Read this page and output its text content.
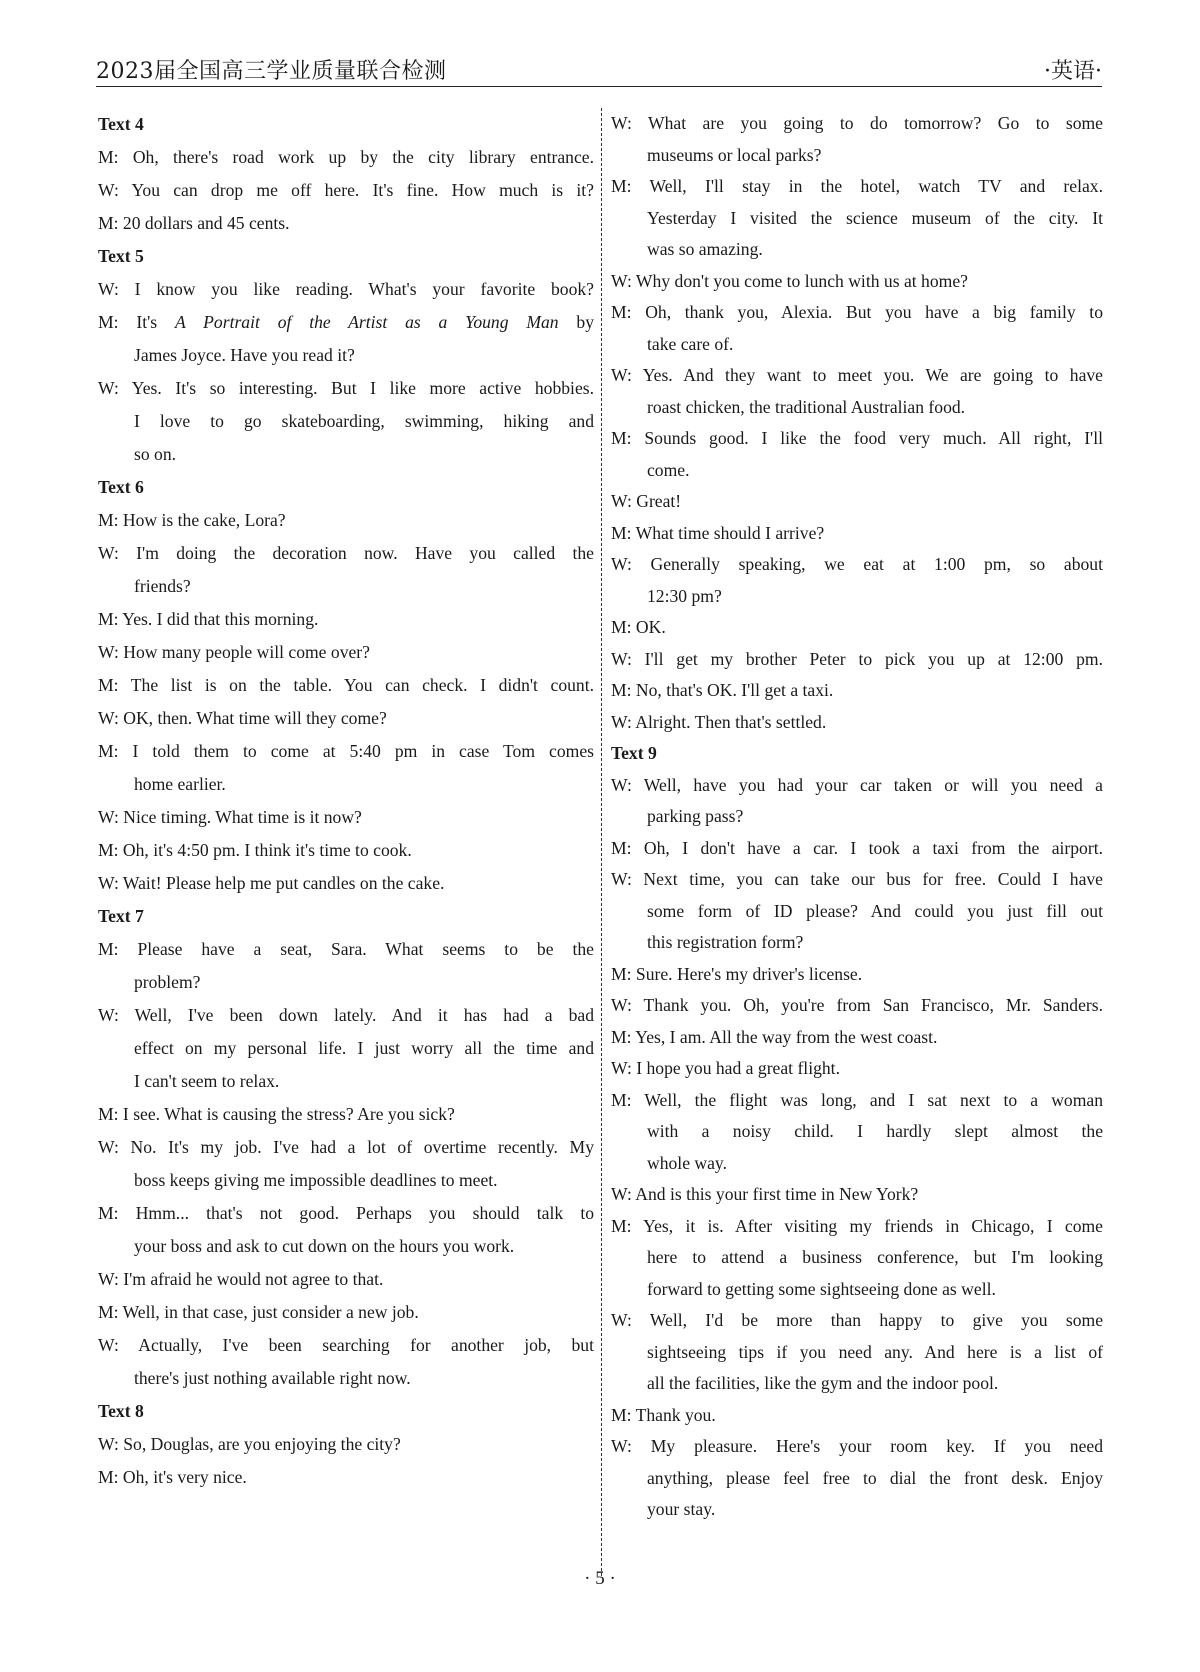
2023届全国高三学业质量联合检测	·英语·
Text 4
M: Oh, there's road work up by the city library entrance.
W: You can drop me off here. It's fine. How much is it?
M: 20 dollars and 45 cents.
Text 5
W: I know you like reading. What's your favorite book?
M: It's A Portrait of the Artist as a Young Man by
James Joyce. Have you read it?
W: Yes. It's so interesting. But I like more active hobbies.
I love to go skateboarding, swimming, hiking and
so on.
Text 6
M: How is the cake, Lora?
W: I'm doing the decoration now. Have you called the
friends?
M: Yes. I did that this morning.
W: How many people will come over?
M: The list is on the table. You can check. I didn't count.
W: OK, then. What time will they come?
M: I told them to come at 5:40 pm in case Tom comes
home earlier.
W: Nice timing. What time is it now?
M: Oh, it's 4:50 pm. I think it's time to cook.
W: Wait! Please help me put candles on the cake.
Text 7
M: Please have a seat, Sara. What seems to be the
problem?
W: Well, I've been down lately. And it has had a bad
effect on my personal life. I just worry all the time and
I can't seem to relax.
M: I see. What is causing the stress? Are you sick?
W: No. It's my job. I've had a lot of overtime recently. My
boss keeps giving me impossible deadlines to meet.
M: Hmm... that's not good. Perhaps you should talk to
your boss and ask to cut down on the hours you work.
W: I'm afraid he would not agree to that.
M: Well, in that case, just consider a new job.
W: Actually, I've been searching for another job, but
there's just nothing available right now.
Text 8
W: So, Douglas, are you enjoying the city?
M: Oh, it's very nice.
W: What are you going to do tomorrow? Go to some
museums or local parks?
M: Well, I'll stay in the hotel, watch TV and relax.
Yesterday I visited the science museum of the city. It
was so amazing.
W: Why don't you come to lunch with us at home?
M: Oh, thank you, Alexia. But you have a big family to
take care of.
W: Yes. And they want to meet you. We are going to have
roast chicken, the traditional Australian food.
M: Sounds good. I like the food very much. All right, I'll
come.
W: Great!
M: What time should I arrive?
W: Generally speaking, we eat at 1:00 pm, so about
12:30 pm?
M: OK.
W: I'll get my brother Peter to pick you up at 12:00 pm.
M: No, that's OK. I'll get a taxi.
W: Alright. Then that's settled.
Text 9
W: Well, have you had your car taken or will you need a
parking pass?
M: Oh, I don't have a car. I took a taxi from the airport.
W: Next time, you can take our bus for free. Could I have
some form of ID please? And could you just fill out
this registration form?
M: Sure. Here's my driver's license.
W: Thank you. Oh, you're from San Francisco, Mr. Sanders.
M: Yes, I am. All the way from the west coast.
W: I hope you had a great flight.
M: Well, the flight was long, and I sat next to a woman
with a noisy child. I hardly slept almost the
whole way.
W: And is this your first time in New York?
M: Yes, it is. After visiting my friends in Chicago, I come
here to attend a business conference, but I'm looking
forward to getting some sightseeing done as well.
W: Well, I'd be more than happy to give you some
sightseeing tips if you need any. And here is a list of
all the facilities, like the gym and the indoor pool.
M: Thank you.
W: My pleasure. Here's your room key. If you need
anything, please feel free to dial the front desk. Enjoy
your stay.
· 5 ·
